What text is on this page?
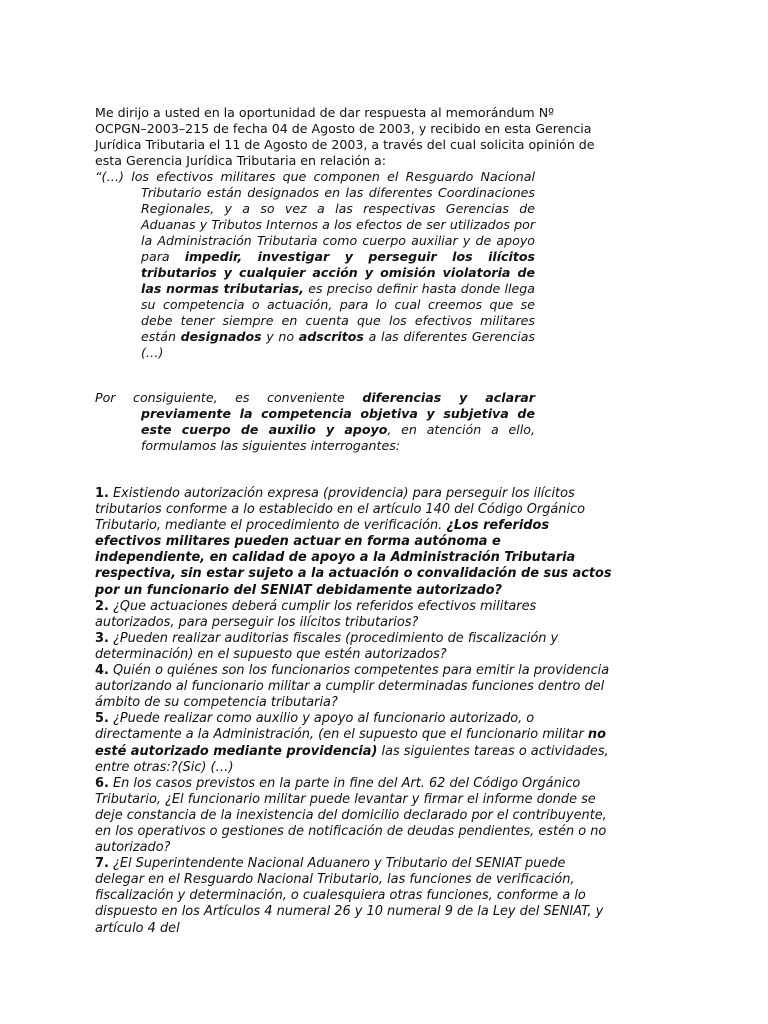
Me dirijo a usted en la oportunidad de dar respuesta al memorándum Nº OCPGN–2003–215 de fecha 04 de Agosto de 2003, y recibido en esta Gerencia Jurídica Tributaria el 11 de Agosto de 2003, a través del cual solicita opinión de esta Gerencia Jurídica Tributaria en relación a:

“(…) los efectivos militares que componen el Resguardo Nacional Tributario están designados en las diferentes Coordinaciones Regionales, y a so vez a las respectivas Gerencias de Aduanas y Tributos Internos a los efectos de ser utilizados por la Administración Tributaria como cuerpo auxiliar y de apoyo para impedir, investigar y perseguir los ilícitos tributarios y cualquier acción y omisión violatoria de las normas tributarias, es preciso definir hasta donde llega su competencia o actuación, para lo cual creemos que se debe tener siempre en cuenta que los efectivos militares están designados y no adscritos a las diferentes Gerencias (…)

Por consiguiente, es conveniente diferencias y aclarar previamente la competencia objetiva y subjetiva de este cuerpo de auxilio y apoyo, en atención a ello, formulamos las siguientes interrogantes:

1. Existiendo autorización expresa (providencia) para perseguir los ilícitos tributarios conforme a lo establecido en el artículo 140 del Código Orgánico Tributario, mediante el procedimiento de verificación. ¿Los referidos efectivos militares pueden actuar en forma autónoma e independiente, en calidad de apoyo a la Administración Tributaria respectiva, sin estar sujeto a la actuación o convalidación de sus actos por un funcionario del SENIAT debidamente autorizado?

2. ¿Que actuaciones deberá cumplir los referidos efectivos militares autorizados, para perseguir los ilícitos tributarios?

3. ¿Pueden realizar auditorias fiscales (procedimiento de fiscalización y determinación) en el supuesto que estén autorizados?

4. Quién o quiénes son los funcionarios competentes para emitir la providencia autorizando al funcionario militar a cumplir determinadas funciones dentro del ámbito de su competencia tributaria?

5. ¿Puede realizar como auxilio y apoyo al funcionario autorizado, o directamente a la Administración, (en el supuesto que el funcionario militar no esté autorizado mediante providencia) las siguientes tareas o actividades, entre otras:?(Sic) (…)

6. En los casos previstos en la parte in fine del Art. 62 del Código Orgánico Tributario, ¿El funcionario militar puede levantar y firmar el informe donde se deje constancia de la inexistencia del domicilio declarado por el contribuyente, en los operativos o gestiones de notificación de deudas pendientes, estén o no autorizado?

7. ¿El Superintendente Nacional Aduanero y Tributario del SENIAT puede delegar en el Resguardo Nacional Tributario, las funciones de verificación, fiscalización y determinación, o cualesquiera otras funciones, conforme a lo dispuesto en los Artículos 4 numeral 26 y 10 numeral 9 de la Ley del SENIAT, y artículo 4 del
